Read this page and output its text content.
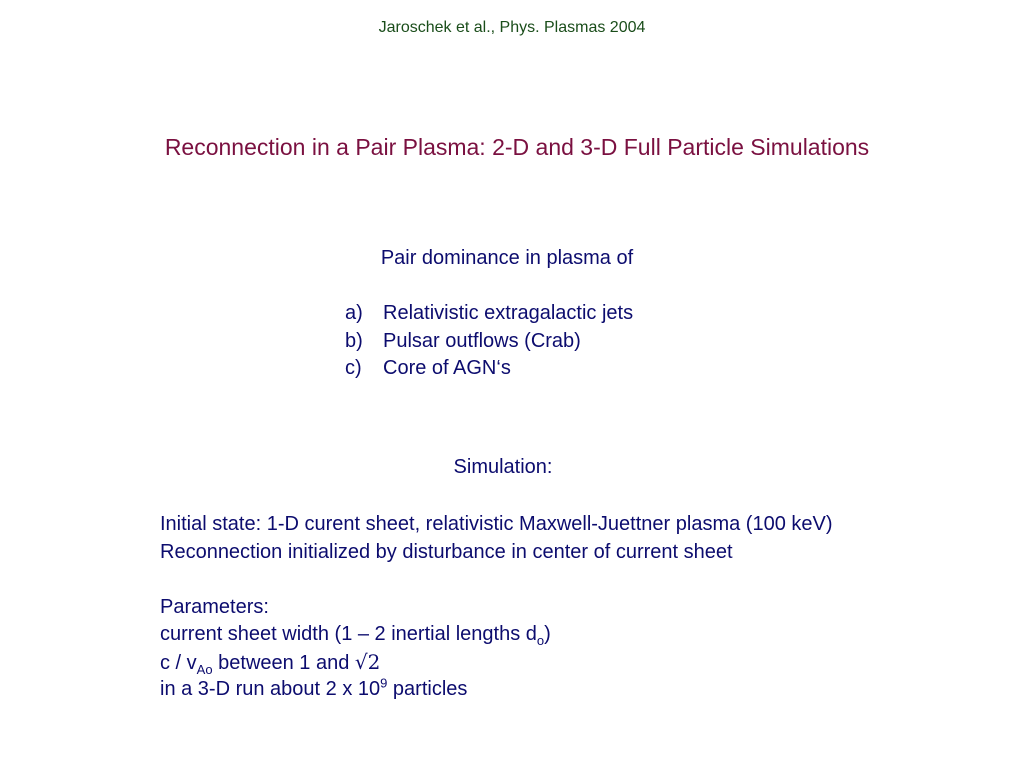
Jaroschek et al., Phys. Plasmas 2004
Reconnection in a Pair Plasma: 2-D and 3-D Full Particle Simulations
Pair dominance in plasma of
a) Relativistic extragalactic jets
b) Pulsar outflows (Crab)
c) Core of AGN‘s
Simulation:
Initial state: 1-D curent sheet, relativistic Maxwell-Juettner plasma (100 keV)
Reconnection initialized by disturbance in center of current sheet
Parameters:
current sheet width (1 – 2 inertial lengths $d_o$)
c / $v_{Ao}$ between 1 and √2
in a 3-D run about 2 x $10^9$ particles
